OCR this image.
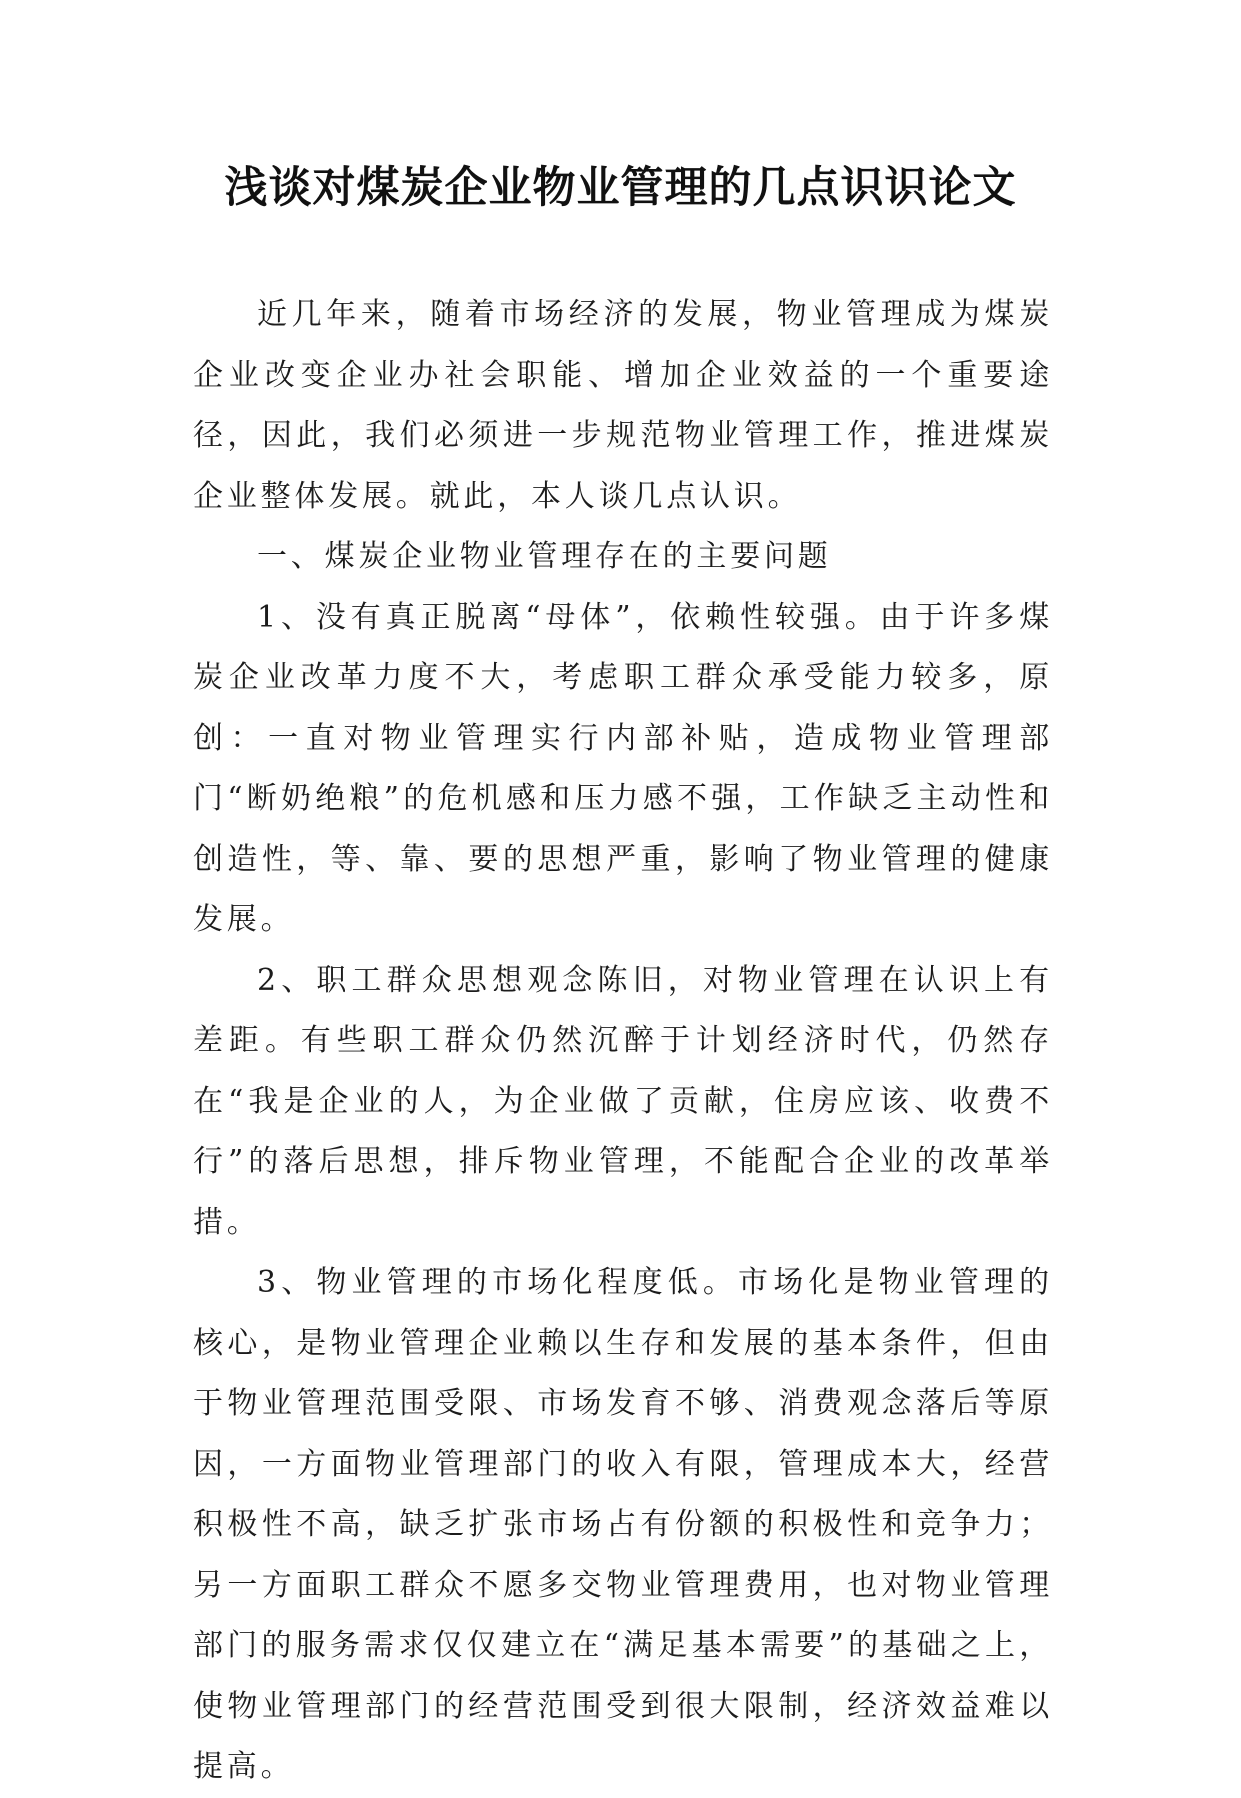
浅谈对煤炭企业物业管理的几点识识论文

近几年来，随着市场经济的发展，物业管理成为煤炭企业改变企业办社会职能、增加企业效益的一个重要途径，因此，我们必须进一步规范物业管理工作，推进煤炭企业整体发展。就此，本人谈几点认识。

一、煤炭企业物业管理存在的主要问题

1、没有真正脱离“母体”，依赖性较强。由于许多煤炭企业改革力度不大，考虑职工群众承受能力较多，原创：一直对物业管理实行内部补贴，造成物业管理部门“断奶绝粮”的危机感和压力感不强，工作缺乏主动性和创造性，等、靠、要的思想严重，影响了物业管理的健康发展。

2、职工群众思想观念陈旧，对物业管理在认识上有差距。有些职工群众仍然沉醉于计划经济时代，仍然存在“我是企业的人，为企业做了贡献，住房应该、收费不行”的落后思想，排斥物业管理，不能配合企业的改革举措。

3、物业管理的市场化程度低。市场化是物业管理的核心，是物业管理企业赖以生存和发展的基本条件，但由于物业管理范围受限、市场发育不够、消费观念落后等原因，一方面物业管理部门的收入有限，管理成本大，经营积极性不高，缺乏扩张市场占有份额的积极性和竞争力；另一方面职工群众不愿多交物业管理费用，也对物业管理部门的服务需求仅仅建立在“满足基本需要”的基础之上，使物业管理部门的经营范围受到很大限制，经济效益难以提高。
